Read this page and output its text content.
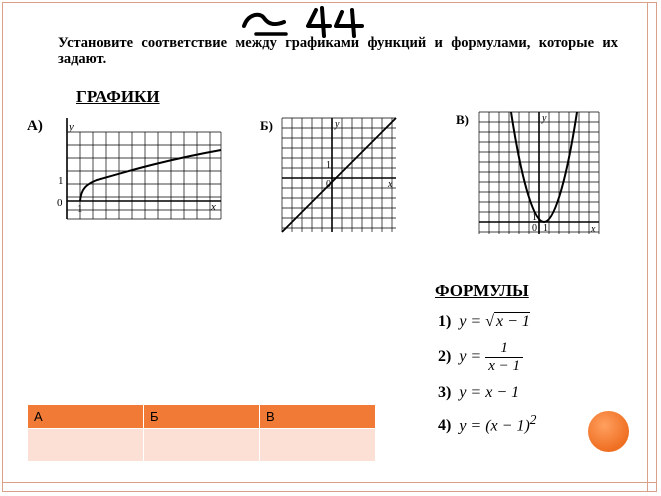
Установите соответствие между графиками функций и формулами, которые их задают.
ГРАФИКИ
А) y
x
0
1
1
Б)	y
x
0
1
В)	y
x
0
1
1
ФОРМУЛЫ
1) y = √ x − 1
2) $y = \frac{1}{x - 1}$
3) y = x − 1
4) $y = (x - 1)^2$
А	Б	В
